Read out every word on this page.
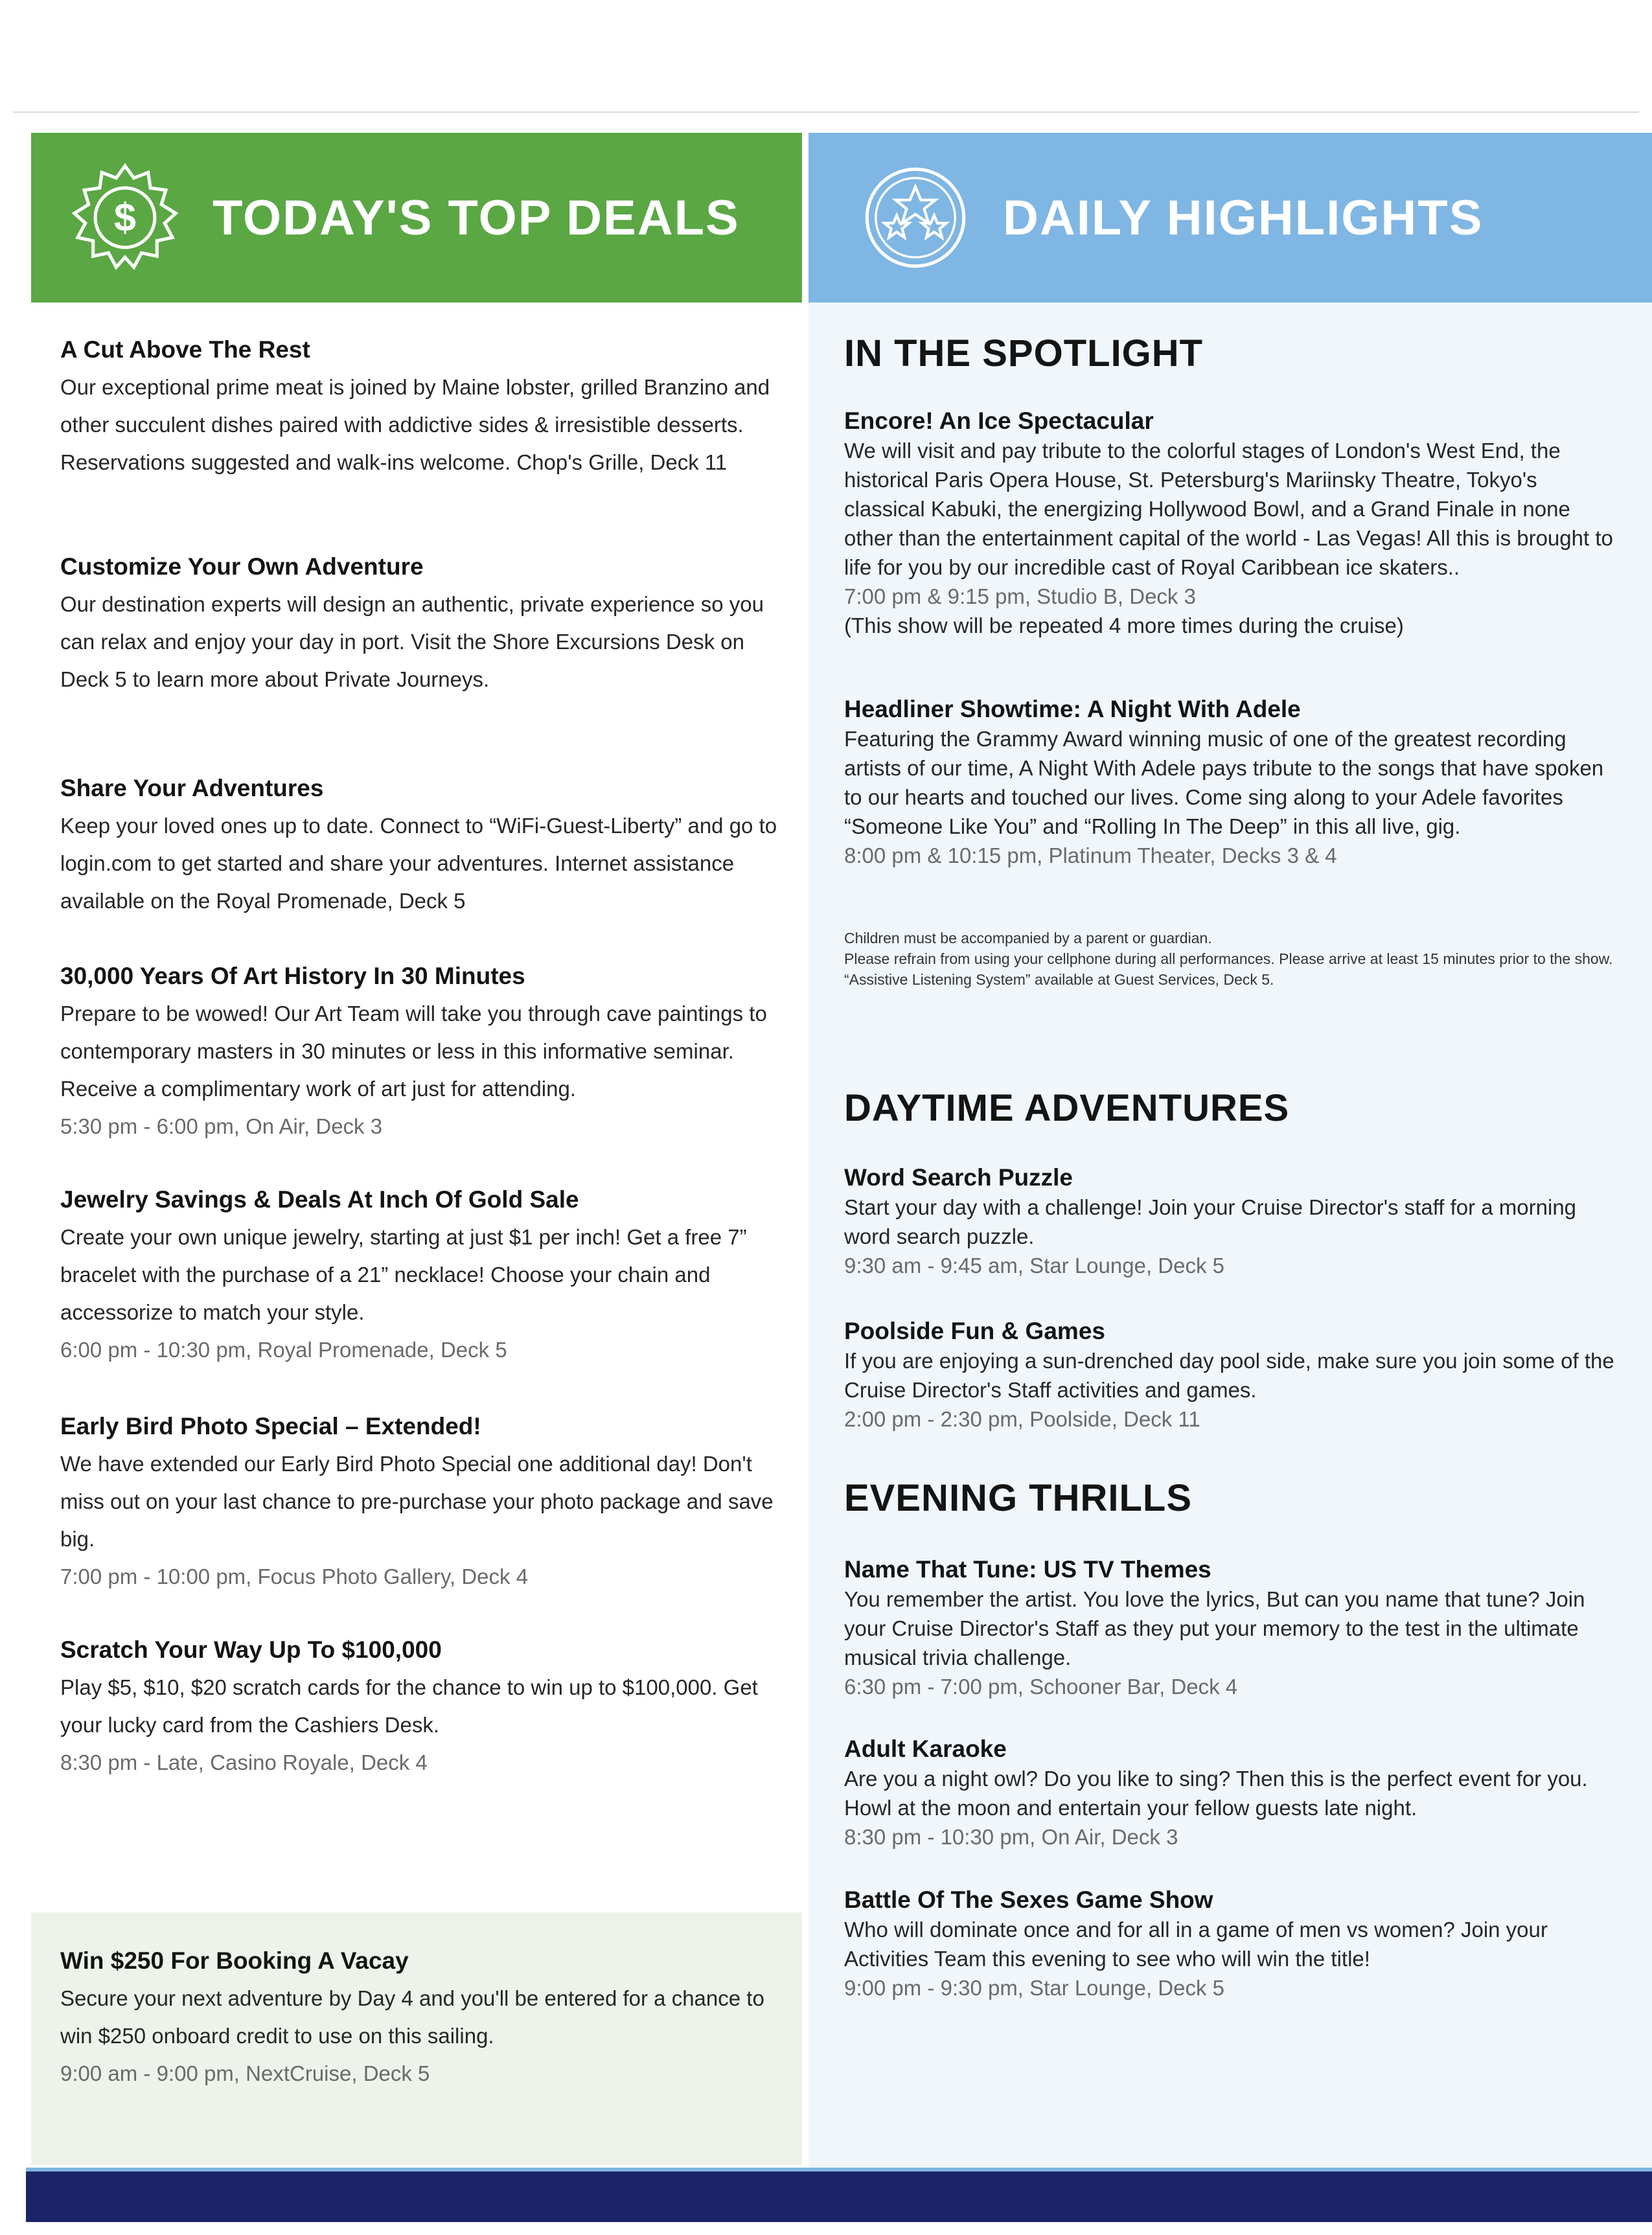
$ TODAY'S TOP DEALS	DAILY HIGHLIGHTS
A Cut Above The Rest

Our exceptional prime meat is joined by Maine lobster, grilled Branzino and other succulent dishes paired with addictive sides & irresistible desserts. Reservations suggested and walk-ins welcome. Chop's Grille, Deck 11

Customize Your Own Adventure

Our destination experts will design an authentic, private experience so you can relax and enjoy your day in port. Visit the Shore Excursions Desk on Deck 5 to learn more about Private Journeys.

Share Your Adventures

Keep your loved ones up to date. Connect to “WiFi-Guest-Liberty” and go to login.com to get started and share your adventures. Internet assistance available on the Royal Promenade, Deck 5

30,000 Years Of Art History In 30 Minutes

Prepare to be wowed! Our Art Team will take you through cave paintings to contemporary masters in 30 minutes or less in this informative seminar. Receive a complimentary work of art just for attending.

5:30 pm - 6:00 pm, On Air, Deck 3
Jewelry Savings & Deals At Inch Of Gold Sale

Create your own unique jewelry, starting at just $1 per inch! Get a free 7” bracelet with the purchase of a 21” necklace! Choose your chain and accessorize to match your style.

6:00 pm - 10:30 pm, Royal Promenade, Deck 5
Early Bird Photo Special – Extended!

We have extended our Early Bird Photo Special one additional day! Don't miss out on your last chance to pre-purchase your photo package and save big.

7:00 pm - 10:00 pm, Focus Photo Gallery, Deck 4
Scratch Your Way Up To $100,000

Play $5, $10, $20 scratch cards for the chance to win up to $100,000. Get your lucky card from the Cashiers Desk.

8:30 pm - Late, Casino Royale, Deck 4
Win $250 For Booking A Vacay

Secure your next adventure by Day 4 and you'll be entered for a chance to win $250 onboard credit to use on this sailing.

9:00 am - 9:00 pm, NextCruise, Deck 5
IN THE SPOTLIGHT
Encore! An Ice Spectacular

We will visit and pay tribute to the colorful stages of London's West End, the historical Paris Opera House, St. Petersburg's Mariinsky Theatre, Tokyo's classical Kabuki, the energizing Hollywood Bowl, and a Grand Finale in none other than the entertainment capital of the world - Las Vegas! All this is brought to life for you by our incredible cast of Royal Caribbean ice skaters..

7:00 pm & 9:15 pm, Studio B, Deck 3

(This show will be repeated 4 more times during the cruise)

Headliner Showtime: A Night With Adele

Featuring the Grammy Award winning music of one of the greatest recording artists of our time, A Night With Adele pays tribute to the songs that have spoken to our hearts and touched our lives. Come sing along to your Adele favorites “Someone Like You” and “Rolling In The Deep” in this all live, gig.

8:00 pm & 10:15 pm, Platinum Theater, Decks 3 & 4

Children must be accompanied by a parent or guardian.
Please refrain from using your cellphone during all performances. Please arrive at least 15 minutes prior to the show.
“Assistive Listening System” available at Guest Services, Deck 5.
DAYTIME ADVENTURES
Word Search Puzzle

Start your day with a challenge! Join your Cruise Director's staff for a morning word search puzzle.

9:30 am - 9:45 am, Star Lounge, Deck 5

Poolside Fun & Games

If you are enjoying a sun-drenched day pool side, make sure you join some of the Cruise Director's Staff activities and games.

2:00 pm - 2:30 pm, Poolside, Deck 11

EVENING THRILLS
Name That Tune: US TV Themes

You remember the artist. You love the lyrics, But can you name that tune? Join your Cruise Director's Staff as they put your memory to the test in the ultimate musical trivia challenge.

6:30 pm - 7:00 pm, Schooner Bar, Deck 4

Adult Karaoke

Are you a night owl? Do you like to sing? Then this is the perfect event for you. Howl at the moon and entertain your fellow guests late night.

8:30 pm - 10:30 pm, On Air, Deck 3

Battle Of The Sexes Game Show

Who will dominate once and for all in a game of men vs women? Join your Activities Team this evening to see who will win the title!

9:00 pm - 9:30 pm, Star Lounge, Deck 5
